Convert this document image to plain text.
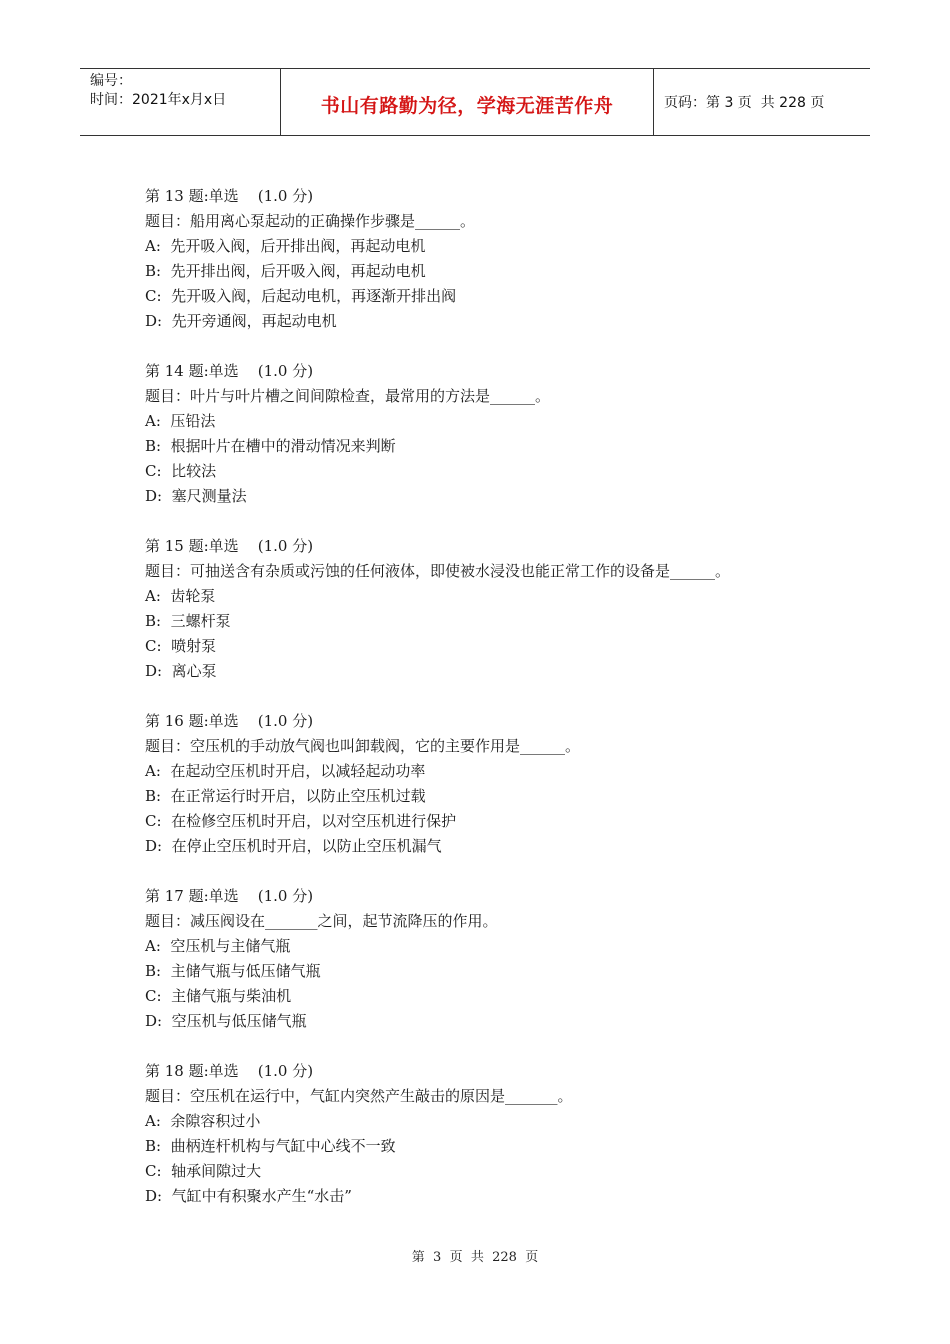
编号：
时间：2021年x月x日	书山有路勤为径，学海无涯苦作舟	页码：第 3 页  共 228 页
第 13 题:单选    (1.0 分)
题目：船用离心泵起动的正确操作步骤是______。
A:  先开吸入阀，后开排出阀，再起动电机
B:  先开排出阀，后开吸入阀，再起动电机
C:  先开吸入阀，后起动电机，再逐渐开排出阀
D:  先开旁通阀，再起动电机
第 14 题:单选    (1.0 分)
题目：叶片与叶片槽之间间隙检查，最常用的方法是______。
A:  压铅法
B:  根据叶片在槽中的滑动情况来判断
C:  比较法
D:  塞尺测量法
第 15 题:单选    (1.0 分)
题目：可抽送含有杂质或污蚀的任何液体，即使被水浸没也能正常工作的设备是______。
A:  齿轮泵
B:  三螺杆泵
C:  喷射泵
D:  离心泵
第 16 题:单选    (1.0 分)
题目：空压机的手动放气阀也叫卸载阀，它的主要作用是______。
A:  在起动空压机时开启，以减轻起动功率
B:  在正常运行时开启，以防止空压机过载
C:  在检修空压机时开启，以对空压机进行保护
D:  在停止空压机时开启，以防止空压机漏气
第 17 题:单选    (1.0 分)
题目：减压阀设在_______之间，起节流降压的作用。
A:  空压机与主储气瓶
B:  主储气瓶与低压储气瓶
C:  主储气瓶与柴油机
D:  空压机与低压储气瓶
第 18 题:单选    (1.0 分)
题目：空压机在运行中，气缸内突然产生敲击的原因是_______。
A:  余隙容积过小
B:  曲柄连杆机构与气缸中心线不一致
C:  轴承间隙过大
D:  气缸中有积聚水产生“水击”
第  3  页  共  228  页
